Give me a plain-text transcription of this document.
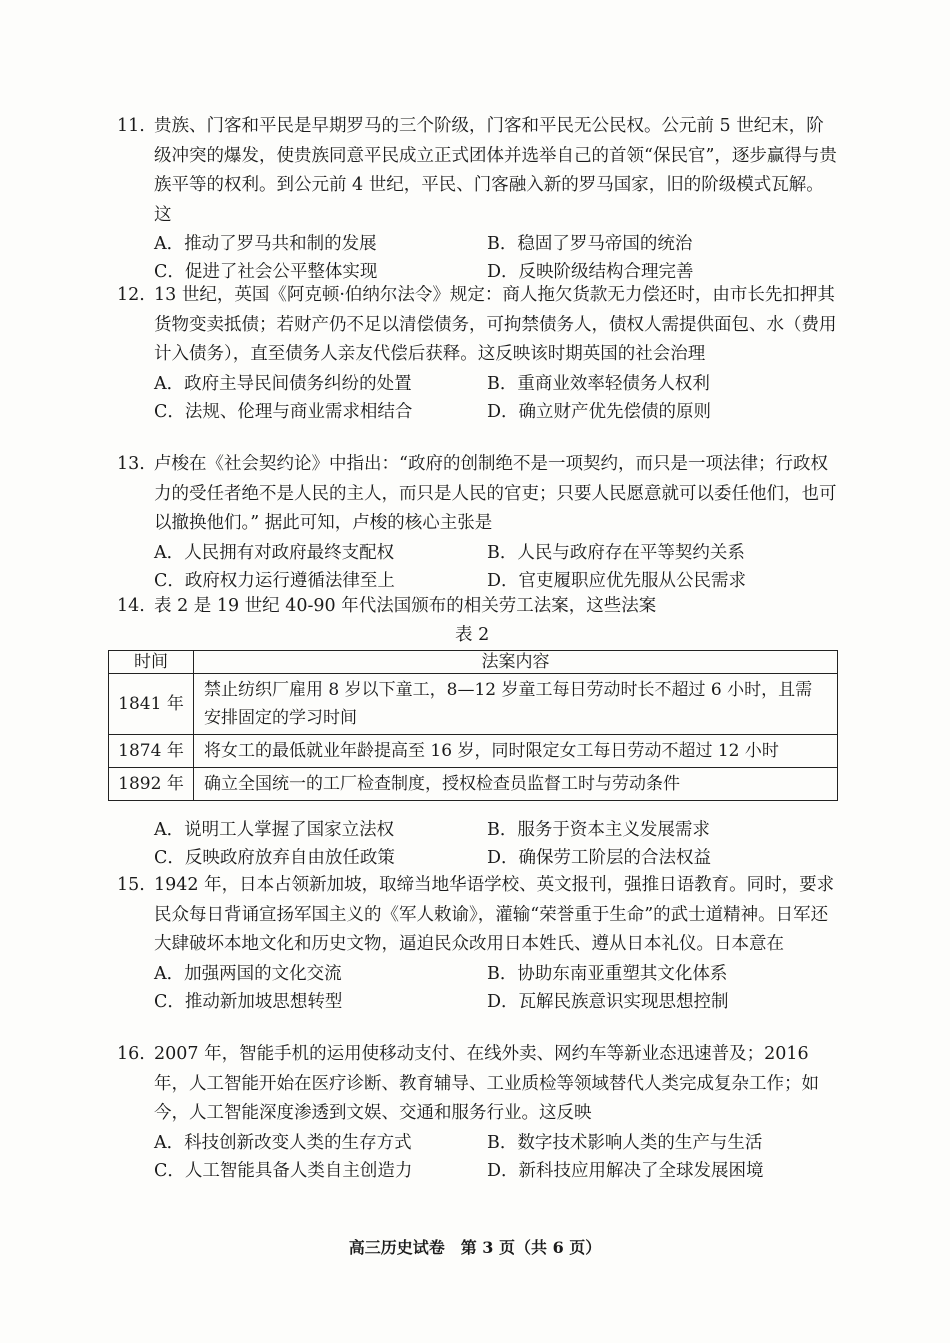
11. 贵族、门客和平民是早期罗马的三个阶级，门客和平民无公民权。公元前 5 世纪末，阶级冲突的爆发，使贵族同意平民成立正式团体并选举自己的首领“保民官”，逐步赢得与贵族平等的权利。到公元前 4 世纪，平民、门客融入新的罗马国家，旧的阶级模式瓦解。这
A．推动了罗马共和制的发展	B．稳固了罗马帝国的统治
C．促进了社会公平整体实现	D．反映阶级结构合理完善
12. 13 世纪，英国《阿克顿·伯纳尔法令》规定：商人拖欠货款无力偿还时，由市长先扣押其货物变卖抵债；若财产仍不足以清偿债务，可拘禁债务人，债权人需提供面包、水（费用计入债务），直至债务人亲友代偿后获释。这反映该时期英国的社会治理
A．政府主导民间债务纠纷的处置	B．重商业效率轻债务人权利
C．法规、伦理与商业需求相结合	D．确立财产优先偿债的原则
13. 卢梭在《社会契约论》中指出：“政府的创制绝不是一项契约，而只是一项法律；行政权力的受任者绝不是人民的主人，而只是人民的官吏；只要人民愿意就可以委任他们，也可以撤换他们。” 据此可知，卢梭的核心主张是
A．人民拥有对政府最终支配权	B．人民与政府存在平等契约关系
C．政府权力运行遵循法律至上	D．官吏履职应优先服从公民需求
14. 表 2 是 19 世纪 40-90 年代法国颁布的相关劳工法案，这些法案
表 2
时间	法案内容
1841 年	禁止纺织厂雇用 8 岁以下童工，8—12 岁童工每日劳动时长不超过 6 小时，且需安排固定的学习时间
1874 年	将女工的最低就业年龄提高至 16 岁，同时限定女工每日劳动不超过 12 小时
1892 年	确立全国统一的工厂检查制度，授权检查员监督工时与劳动条件
A．说明工人掌握了国家立法权	B．服务于资本主义发展需求
C．反映政府放弃自由放任政策	D．确保劳工阶层的合法权益
15. 1942 年，日本占领新加坡，取缔当地华语学校、英文报刊，强推日语教育。同时，要求民众每日背诵宣扬军国主义的《军人敕谕》，灌输“荣誉重于生命”的武士道精神。日军还大肆破坏本地文化和历史文物，逼迫民众改用日本姓氏、遵从日本礼仪。日本意在
A．加强两国的文化交流	B．协助东南亚重塑其文化体系
C．推动新加坡思想转型	D．瓦解民族意识实现思想控制
16. 2007 年，智能手机的运用使移动支付、在线外卖、网约车等新业态迅速普及；2016 年，人工智能开始在医疗诊断、教育辅导、工业质检等领域替代人类完成复杂工作；如今，人工智能深度渗透到文娱、交通和服务行业。这反映
A．科技创新改变人类的生存方式	B．数字技术影响人类的生产与生活
C．人工智能具备人类自主创造力	D．新科技应用解决了全球发展困境
高三历史试卷　第 3 页（共 6 页）
